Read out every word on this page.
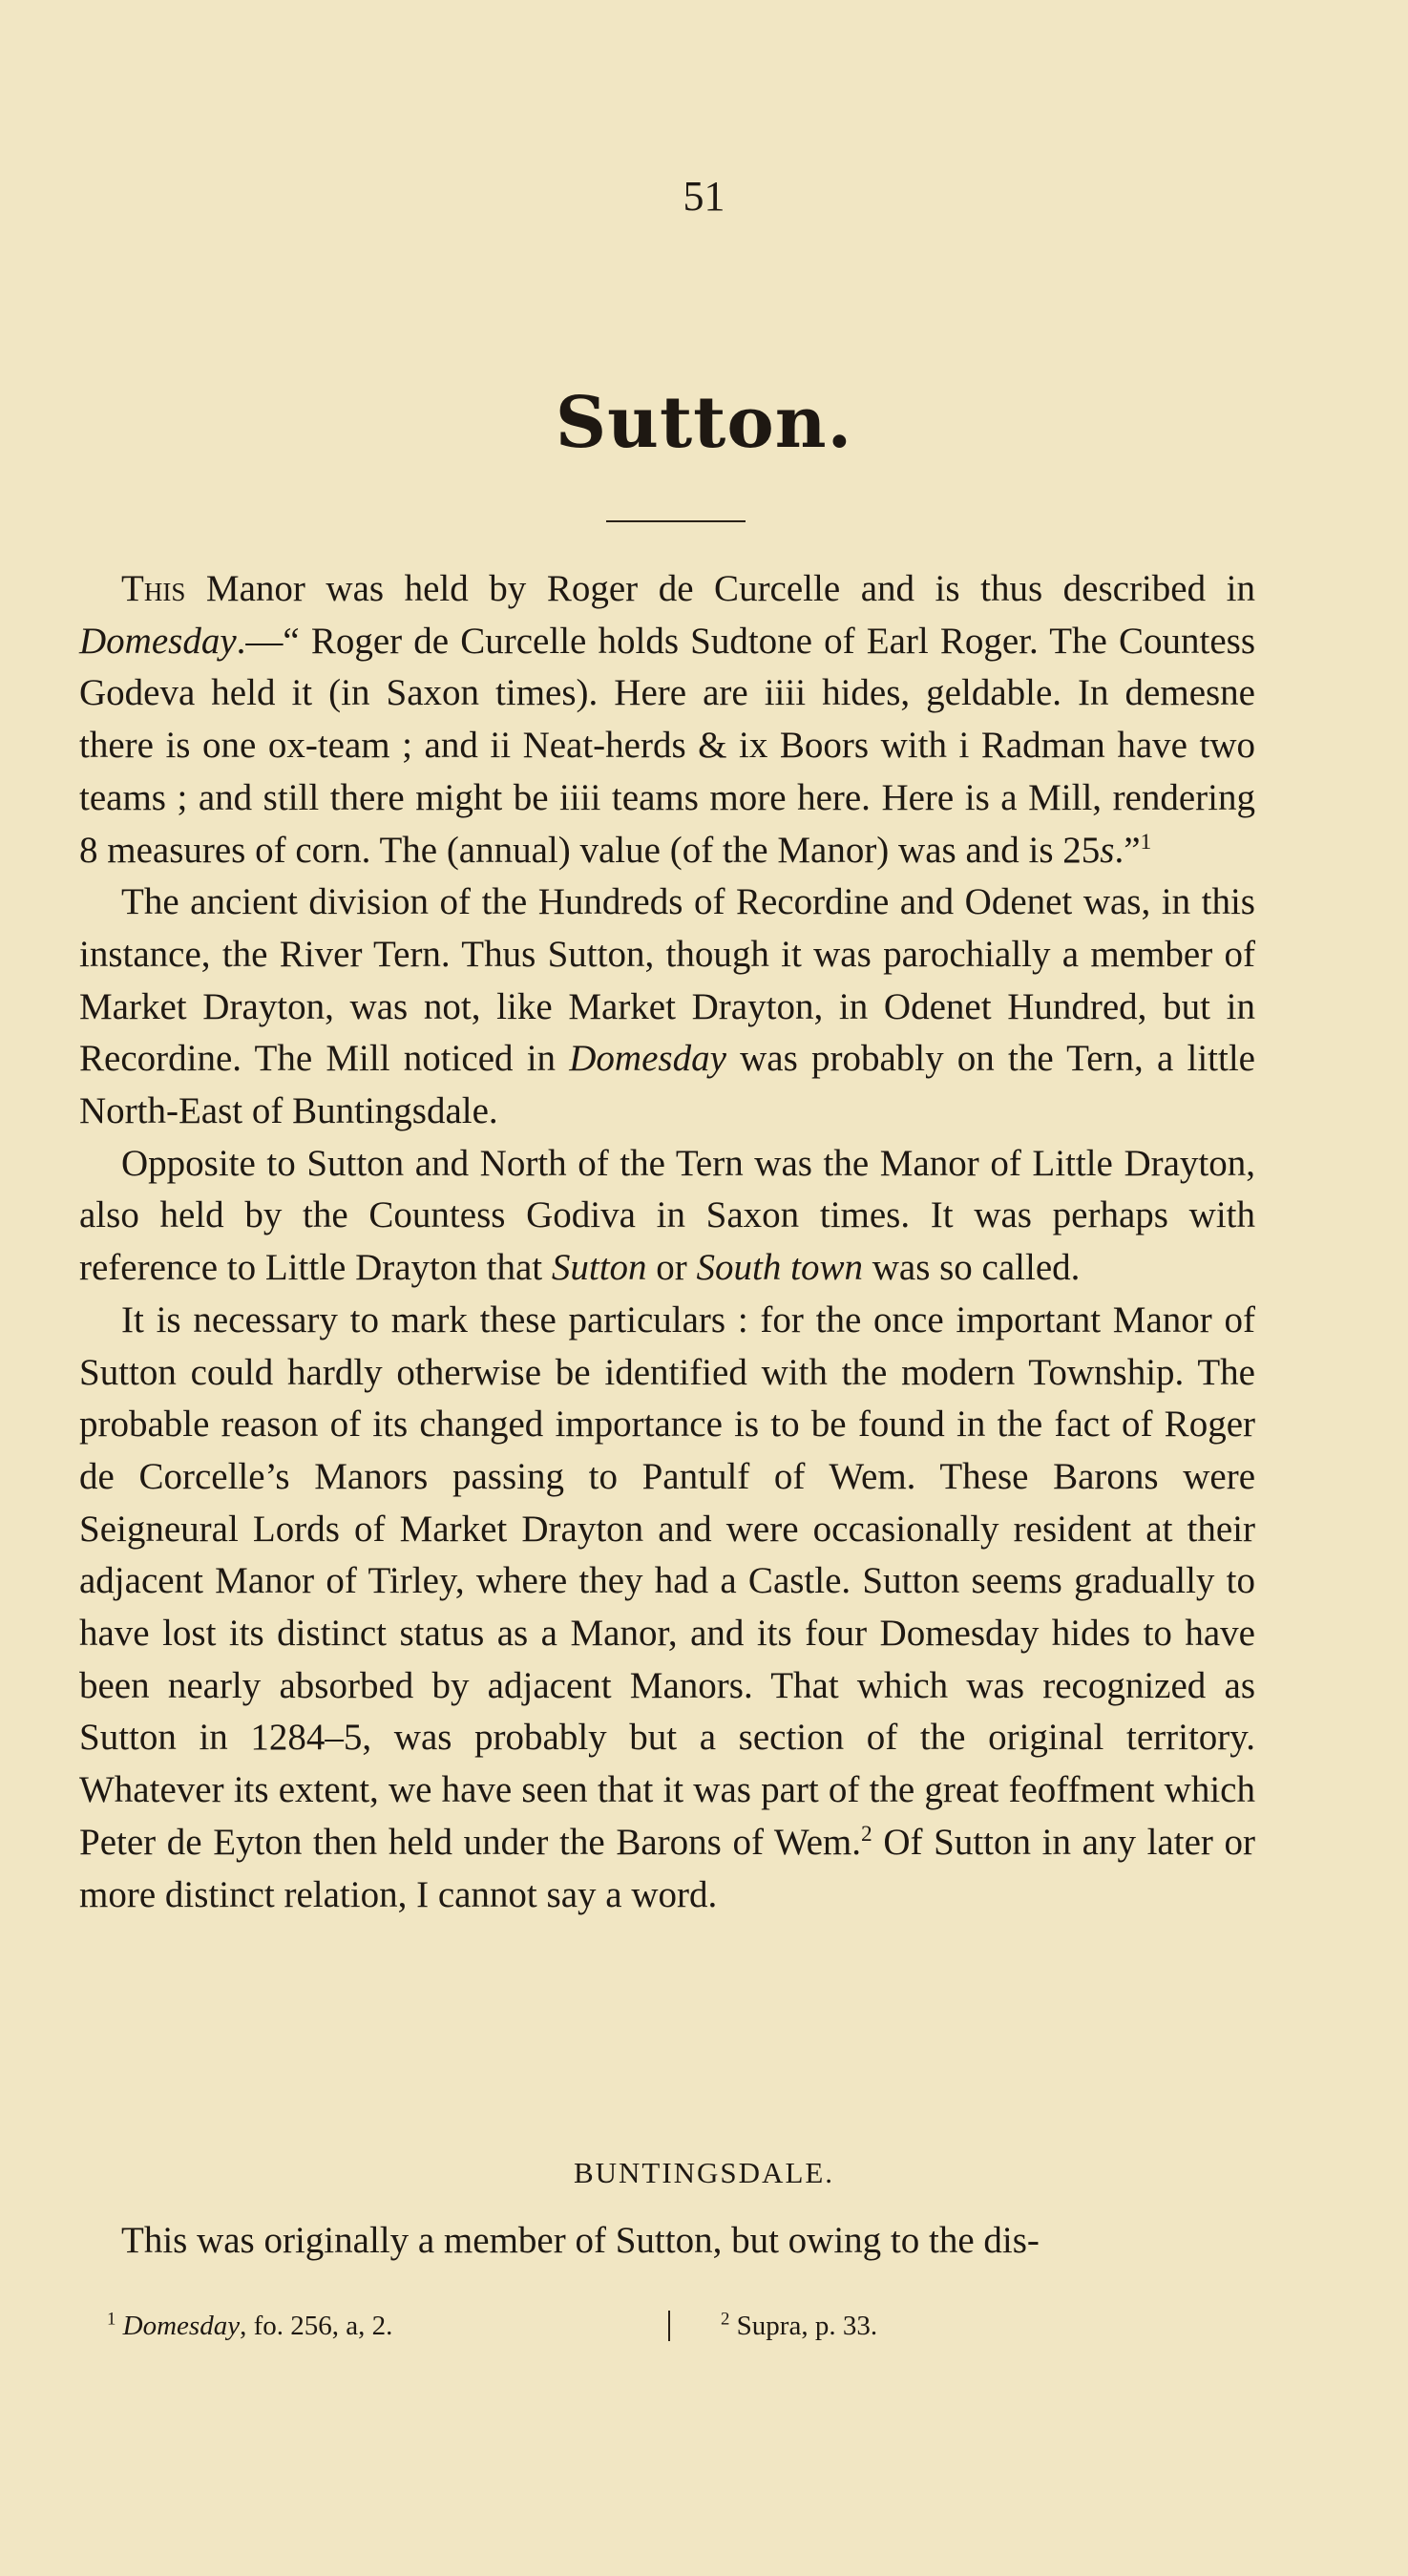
51
Sutton.

This Manor was held by Roger de Curcelle and is thus described in Domesday.—“ Roger de Curcelle holds Sudtone of Earl Roger. The Countess Godeva held it (in Saxon times). Here are iiii hides, geldable. In demesne there is one ox-team ; and ii Neat-herds & ix Boors with i Radman have two teams ; and still there might be iiii teams more here. Here is a Mill, rendering 8 measures of corn. The (annual) value (of the Manor) was and is 25s.”$^1$

The ancient division of the Hundreds of Recordine and Odenet was, in this instance, the River Tern. Thus Sutton, though it was parochially a member of Market Drayton, was not, like Market Drayton, in Odenet Hundred, but in Recordine. The Mill noticed in Domesday was probably on the Tern, a little North-East of Buntingsdale.

Opposite to Sutton and North of the Tern was the Manor of Little Drayton, also held by the Countess Godiva in Saxon times. It was perhaps with reference to Little Drayton that Sutton or South town was so called.

It is necessary to mark these particulars : for the once important Manor of Sutton could hardly otherwise be identified with the modern Township. The probable reason of its changed importance is to be found in the fact of Roger de Corcelle’s Manors passing to Pantulf of Wem. These Barons were Seigneural Lords of Market Drayton and were occasionally resident at their adjacent Manor of Tirley, where they had a Castle. Sutton seems gradually to have lost its distinct status as a Manor, and its four Domesday hides to have been nearly absorbed by adjacent Manors. That which was recognized as Sutton in 1284–5, was probably but a section of the original territory. Whatever its extent, we have seen that it was part of the great feoffment which Peter de Eyton then held under the Barons of Wem.$^2$ Of Sutton in any later or more distinct relation, I cannot say a word.

BUNTINGSDALE.
This was originally a member of Sutton, but owing to the dis-
$^1$ Domesday, fo. 256, a, 2.	$^2$ Supra, p. 33.
